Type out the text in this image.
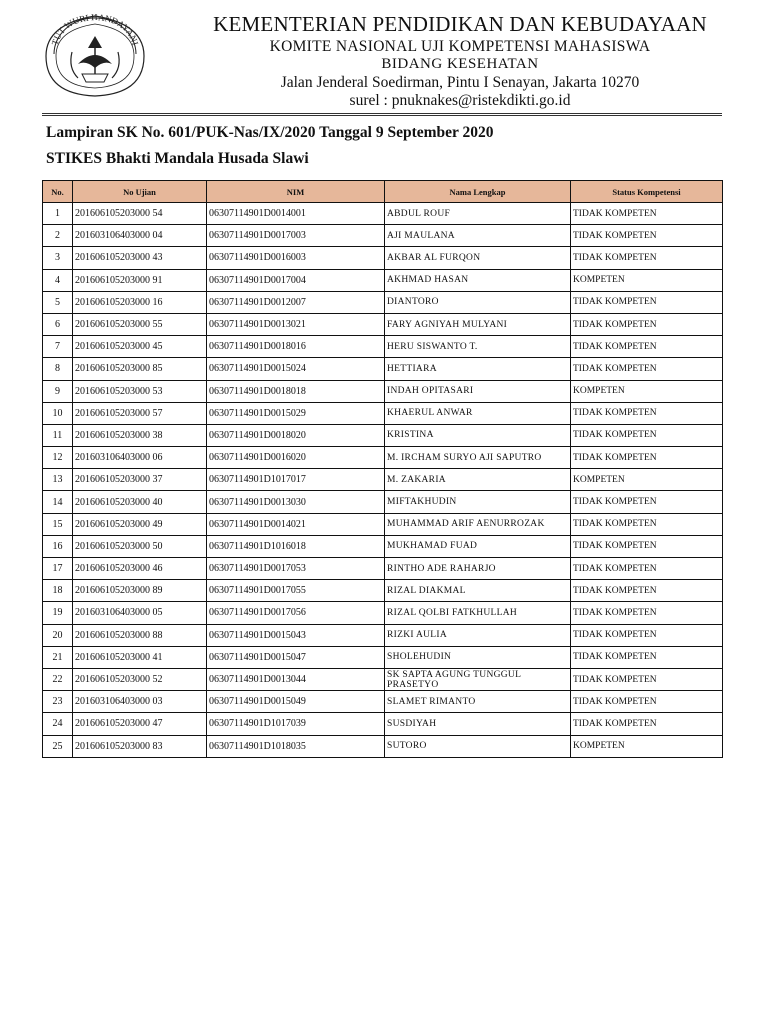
TUT WURI HANDAYANI
KEMENTERIAN PENDIDIKAN DAN KEBUDAYAAN
KOMITE NASIONAL UJI KOMPETENSI MAHASISWA
BIDANG KESEHATAN
Jalan Jenderal Soedirman, Pintu I Senayan, Jakarta 10270
surel : pnuknakes@ristekdikti.go.id
Lampiran SK No. 601/PUK-Nas/IX/2020 Tanggal 9 September 2020
STIKES Bhakti Mandala Husada Slawi
No.	No Ujian	NIM	Nama Lengkap	Status Kompetensi
1	201606105203000 54	06307114901D0014001	ABDUL ROUF	TIDAK KOMPETEN
2	201603106403000 04	06307114901D0017003	AJI MAULANA	TIDAK KOMPETEN
3	201606105203000 43	06307114901D0016003	AKBAR AL FURQON	TIDAK KOMPETEN
4	201606105203000 91	06307114901D0017004	AKHMAD HASAN	KOMPETEN
5	201606105203000 16	06307114901D0012007	DIANTORO	TIDAK KOMPETEN
6	201606105203000 55	06307114901D0013021	FARY AGNIYAH MULYANI	TIDAK KOMPETEN
7	201606105203000 45	06307114901D0018016	HERU SISWANTO T.	TIDAK KOMPETEN
8	201606105203000 85	06307114901D0015024	HETTIARA	TIDAK KOMPETEN
9	201606105203000 53	06307114901D0018018	INDAH OPITASARI	KOMPETEN
10	201606105203000 57	06307114901D0015029	KHAERUL ANWAR	TIDAK KOMPETEN
11	201606105203000 38	06307114901D0018020	KRISTINA	TIDAK KOMPETEN
12	201603106403000 06	06307114901D0016020	M. IRCHAM SURYO AJI SAPUTRO	TIDAK KOMPETEN
13	201606105203000 37	06307114901D1017017	M. ZAKARIA	KOMPETEN
14	201606105203000 40	06307114901D0013030	MIFTAKHUDIN	TIDAK KOMPETEN
15	201606105203000 49	06307114901D0014021	MUHAMMAD ARIF AENURROZAK	TIDAK KOMPETEN
16	201606105203000 50	06307114901D1016018	MUKHAMAD FUAD	TIDAK KOMPETEN
17	201606105203000 46	06307114901D0017053	RINTHO ADE RAHARJO	TIDAK KOMPETEN
18	201606105203000 89	06307114901D0017055	RIZAL DIAKMAL	TIDAK KOMPETEN
19	201603106403000 05	06307114901D0017056	RIZAL QOLBI FATKHULLAH	TIDAK KOMPETEN
20	201606105203000 88	06307114901D0015043	RIZKI AULIA	TIDAK KOMPETEN
21	201606105203000 41	06307114901D0015047	SHOLEHUDIN	TIDAK KOMPETEN
22	201606105203000 52	06307114901D0013044	SK SAPTA AGUNG TUNGGUL PRASETYO	TIDAK KOMPETEN
23	201603106403000 03	06307114901D0015049	SLAMET RIMANTO	TIDAK KOMPETEN
24	201606105203000 47	06307114901D1017039	SUSDIYAH	TIDAK KOMPETEN
25	201606105203000 83	06307114901D1018035	SUTORO	KOMPETEN
